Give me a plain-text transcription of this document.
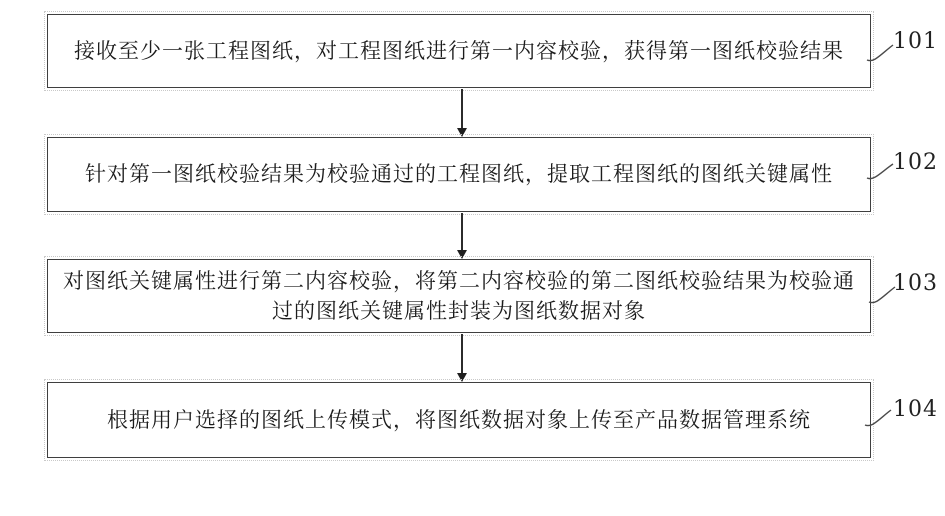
接收至少一张工程图纸，对工程图纸进行第一内容校验，获得第一图纸校验结果
针对第一图纸校验结果为校验通过的工程图纸，提取工程图纸的图纸关键属性
对图纸关键属性进行第二内容校验，将第二内容校验的第二图纸校验结果为校验通过的图纸关键属性封装为图纸数据对象
根据用户选择的图纸上传模式，将图纸数据对象上传至产品数据管理系统
101
102
103
104
